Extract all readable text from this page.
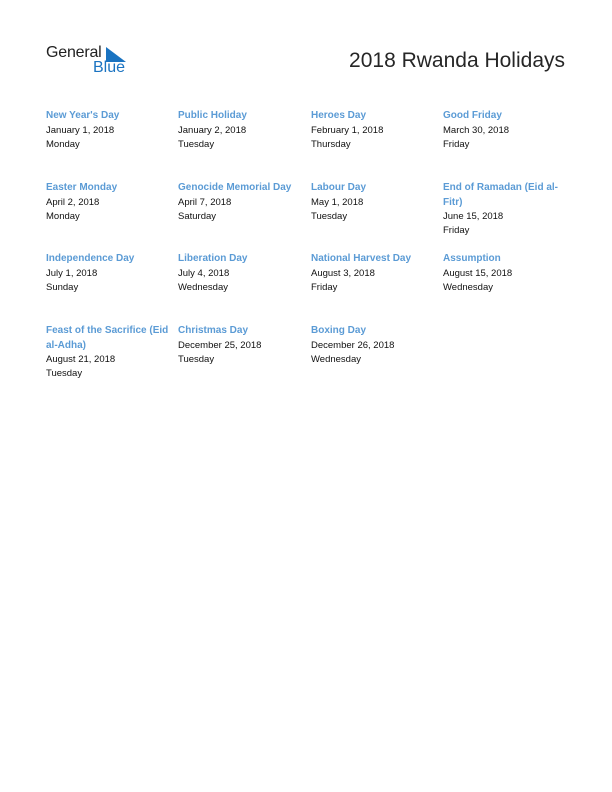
General
Blue	2018 Rwanda Holidays
New Year's Day
January 1, 2018
Monday
Public Holiday
January 2, 2018
Tuesday
Heroes Day
February 1, 2018
Thursday
Good Friday
March 30, 2018
Friday
Easter Monday
April 2, 2018
Monday
Genocide Memorial Day
April 7, 2018
Saturday
Labour Day
May 1, 2018
Tuesday
End of Ramadan (Eid al-Fitr)
June 15, 2018
Friday
Independence Day
July 1, 2018
Sunday
Liberation Day
July 4, 2018
Wednesday
National Harvest Day
August 3, 2018
Friday
Assumption
August 15, 2018
Wednesday
Feast of the Sacrifice (Eid al-Adha)
August 21, 2018
Tuesday
Christmas Day
December 25, 2018
Tuesday
Boxing Day
December 26, 2018
Wednesday
